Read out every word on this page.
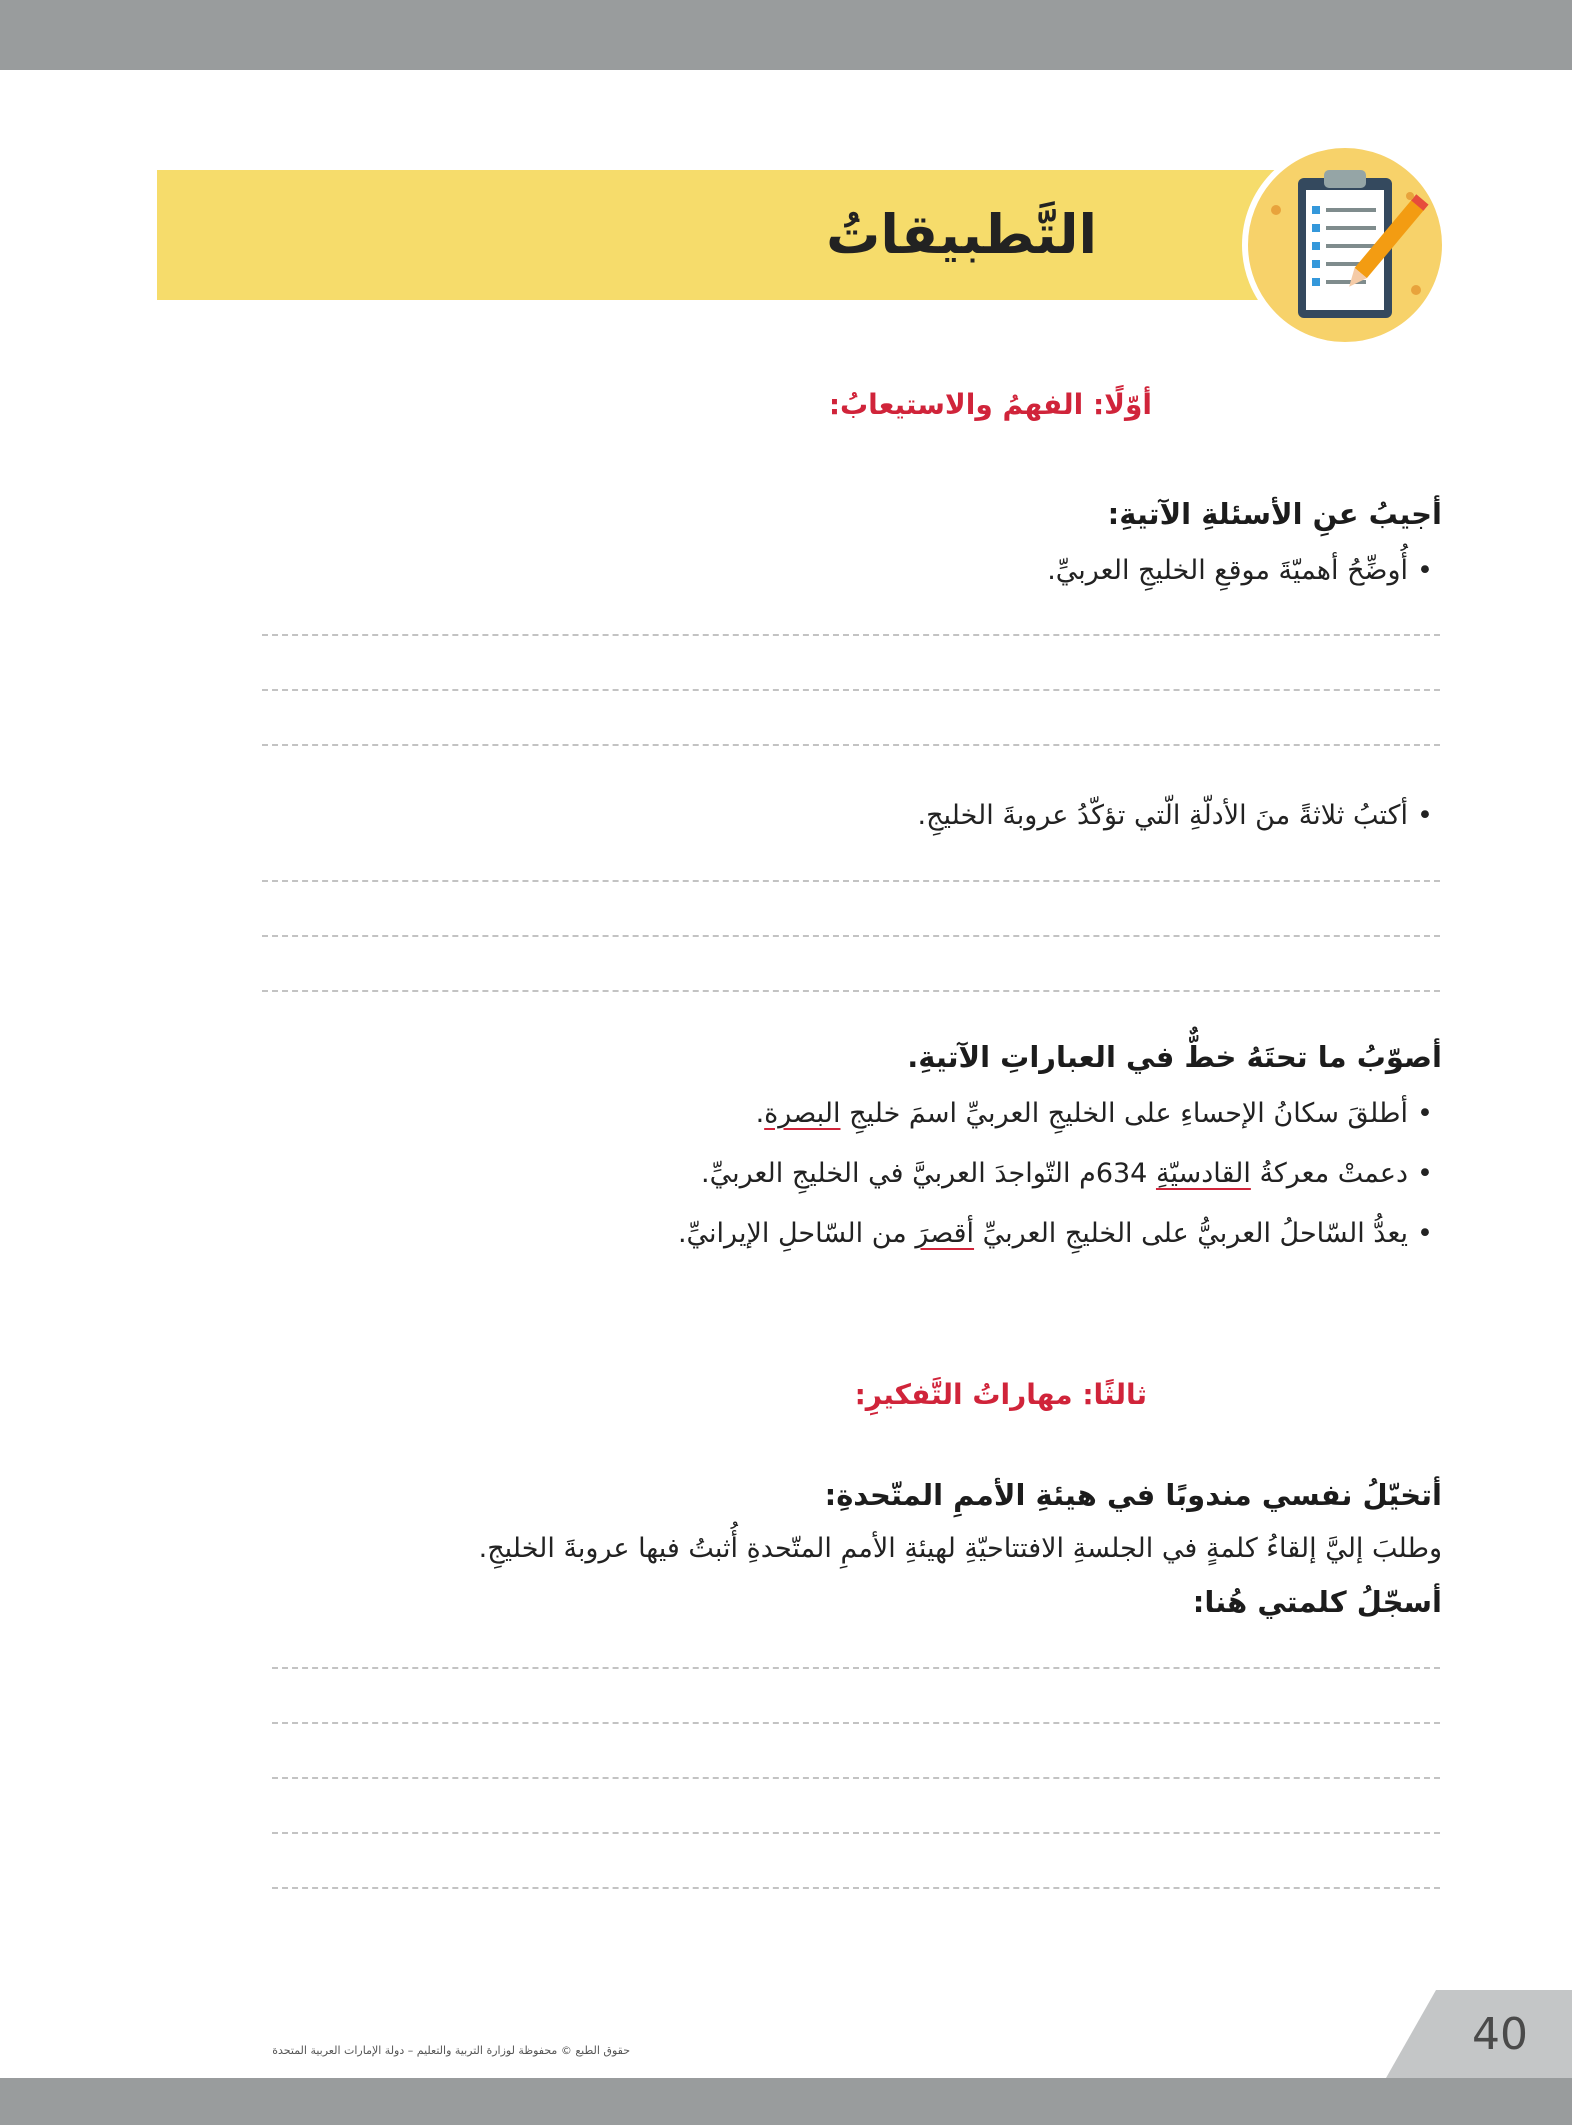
التَّطبيقاتُ
أوّلًا: الفهمُ والاستيعابُ:
أجيبُ عنِ الأسئلةِ الآتيةِ:
•أُوضِّحُ أهميّةَ موقعِ الخليجِ العربيِّ.
•أكتبُ ثلاثةً منَ الأدلّةِ الّتي تؤكّدُ عروبةَ الخليجِ.
أصوّبُ ما تحتَهُ خطٌّ في العباراتِ الآتيةِ.
•أطلقَ سكانُ الإحساءِ على الخليجِ العربيِّ اسمَ خليجِ البصرة.
•دعمتْ معركةُ القادسيّةِ 634م التّواجدَ العربيَّ في الخليجِ العربيِّ.
•يعدُّ السّاحلُ العربيُّ على الخليجِ العربيِّ أقصرَ من السّاحلِ الإيرانيِّ.
ثالثًا: مهاراتُ التَّفكيرِ:
أتخيّلُ نفسي مندوبًا في هيئةِ الأممِ المتّحدةِ:
وطلبَ إليَّ إلقاءُ كلمةٍ في الجلسةِ الافتتاحيّةِ لهيئةِ الأممِ المتّحدةِ أُثبتُ فيها عروبةَ الخليجِ.
أسجّلُ كلمتي هُنا:
حقوق الطبع © محفوظة لوزارة التربية والتعليم – دولة الإمارات العربية المتحدة	40
